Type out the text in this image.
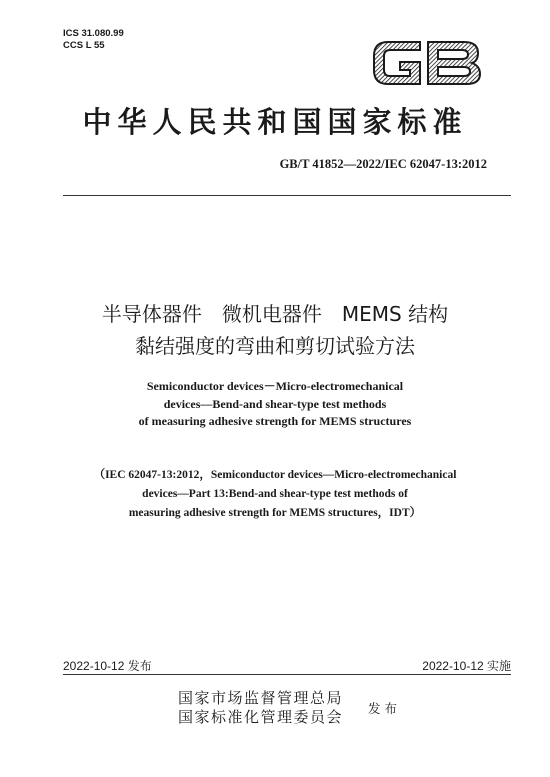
ICS 31.080.99
CCS L 55
中华人民共和国国家标准
GB/T 41852—2022/IEC 62047-13:2012
半导体器件　微机电器件　MEMS 结构
黏结强度的弯曲和剪切试验方法
Semiconductor devices－Micro-electromechanical
devices—Bend-and shear-type test methods
of measuring adhesive strength for MEMS structures
（IEC 62047-13:2012，Semiconductor devices—Micro-electromechanical
devices—Part 13:Bend-and shear-type test methods of
measuring adhesive strength for MEMS structures，IDT）
2022-10-12 发布	2022-10-12 实施
国家市场监督管理总局
国家标准化管理委员会 发布
